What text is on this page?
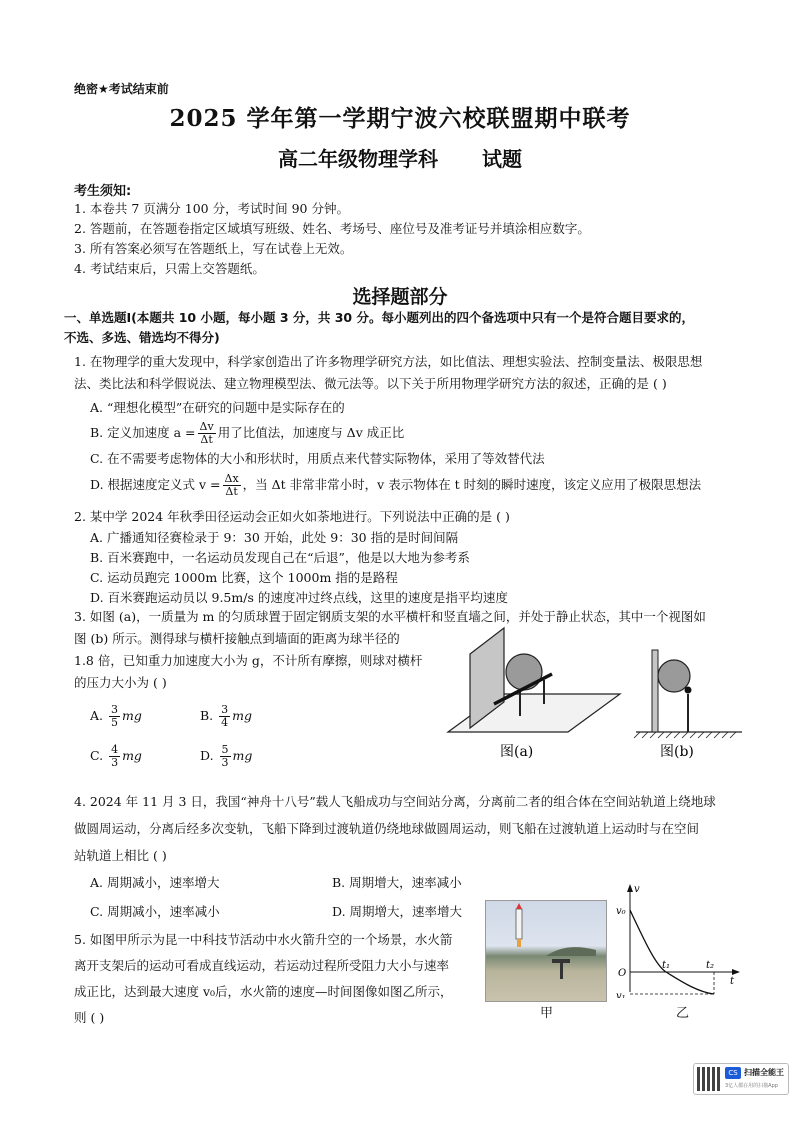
绝密★考试结束前
2025 学年第一学期宁波六校联盟期中联考
高二年级物理学科 试题
考生须知:
1. 本卷共 7 页满分 100 分，考试时间 90 分钟。
2. 答题前，在答题卷指定区域填写班级、姓名、考场号、座位号及准考证号并填涂相应数字。
3. 所有答案必须写在答题纸上，写在试卷上无效。
4. 考试结束后，只需上交答题纸。
选择题部分
一、单选题Ⅰ(本题共 10 小题，每小题 3 分，共 30 分。每小题列出的四个备选项中只有一个是符合题目要求的，
不选、多选、错选均不得分)
1. 在物理学的重大发现中，科学家创造出了许多物理学研究方法，如比值法、理想实验法、控制变量法、极限思想
法、类比法和科学假说法、建立物理模型法、微元法等。以下关于所用物理学研究方法的叙述，正确的是 ( )
A. “理想化模型”在研究的问题中是实际存在的
B. 定义加速度 $a = \frac{\Delta v}{\Delta t}$ 用了比值法，加速度与 Δv 成正比
C. 在不需要考虑物体的大小和形状时，用质点来代替实际物体，采用了等效替代法
D. 根据速度定义式 $v = \frac{\Delta x}{\Delta t}$ ，当 Δt 非常非常小时，v 表示物体在 t 时刻的瞬时速度，该定义应用了极限思想法
2. 某中学 2024 年秋季田径运动会正如火如荼地进行。下列说法中正确的是 ( )
A. 广播通知径赛检录于 9：30 开始，此处 9：30 指的是时间间隔
B. 百米赛跑中，一名运动员发现自己在“后退”，他是以大地为参考系
C. 运动员跑完 1000m 比赛，这个 1000m 指的是路程
D. 百米赛跑运动员以 9.5m/s 的速度冲过终点线，这里的速度是指平均速度
3. 如图 (a)，一质量为 m 的匀质球置于固定钢质支架的水平横杆和竖直墙之间，并处于静止状态，其中一个视图如
图 (b) 所示。测得球与横杆接触点到墙面的距离为球半径的
1.8 倍，已知重力加速度大小为 g，不计所有摩擦，则球对横杆
的压力大小为 ( )
A. $\frac{3}{5}$ mg	B. $\frac{3}{4}$ mg
C. $\frac{4}{3}$ mg	D. $\frac{5}{3}$ mg	图(a)	图(b)
4. 2024 年 11 月 3 日，我国“神舟十八号”载人飞船成功与空间站分离，分离前二者的组合体在空间站轨道上绕地球
做圆周运动，分离后经多次变轨，飞船下降到过渡轨道仍绕地球做圆周运动，则飞船在过渡轨道上运动时与在空间
站轨道上相比 ( )
A. 周期减小，速率增大	B. 周期增大，速率减小
C. 周期减小，速率减小	D. 周期增大，速率增大
5. 如图甲所示为昆一中科技节活动中水火箭升空的一个场景，水火箭
离开支架后的运动可看成直线运动，若运动过程所受阻力大小与速率
成正比，达到最大速度 v₀后，水火箭的速度—时间图像如图乙所示，
则 ( )	甲
v
v₀
O
t
t₁	t₂
v₁
乙
CS 扫描全能王
3亿人都在用的扫描App
